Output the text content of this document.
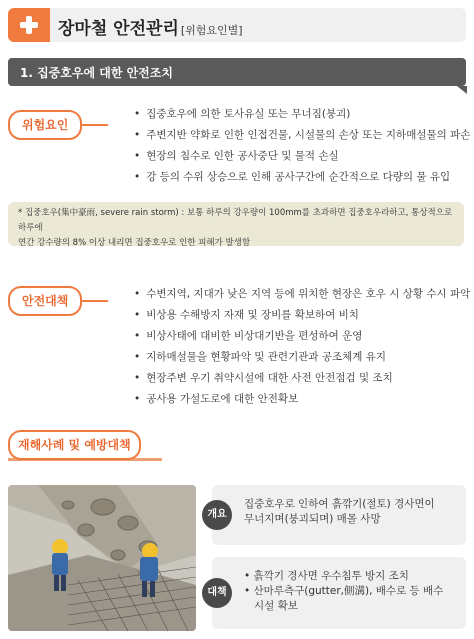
장마철 안전관리 [위험요인별]
1. 집중호우에 대한 안전조치
위험요인
• 집중호우에 의한 토사유실 또는 무너짐(붕괴)
• 주변지반 약화로 인한 인접건물, 시설물의 손상 또는 지하매설물의 파손
• 현장의 침수로 인한 공사중단 및 물적 손실
• 강 등의 수위 상승으로 인해 공사구간에 순간적으로 다량의 물 유입
* 집중호우(集中豪雨, severe rain storm) : 보통 하루의 강우량이 100mm를 초과하면 집중호우라하고, 통상적으로 하루에
연간 강수량의 8% 이상 내리면 집중호우로 인한 피해가 발생함
안전대책
•	수변지역, 지대가 낮은 지역 등에 위치한 현장은 호우 시 상황 수시 파악
• 비상용 수해방지 자재 및 장비를 확보하여 비치
• 비상사태에 대비한 비상대기반을 편성하여 운영
• 지하매설물을 현황파악 및 관련기관과 공조체계 유지
• 현장주변 우기 취약시설에 대한 사전 안전점검 및 조치
• 공사용 가설도로에 대한 안전확보
재해사례 및 예방대책
개요
집중호우로 인하여 흙깎기(절토) 경사면이
무너지며(붕괴되며) 매몰 사망
대책
• 흙깍기 경사면 우수침투 방지 조치
• 산마루측구(gutter,側溝), 배수로 등 배수
시설 확보
